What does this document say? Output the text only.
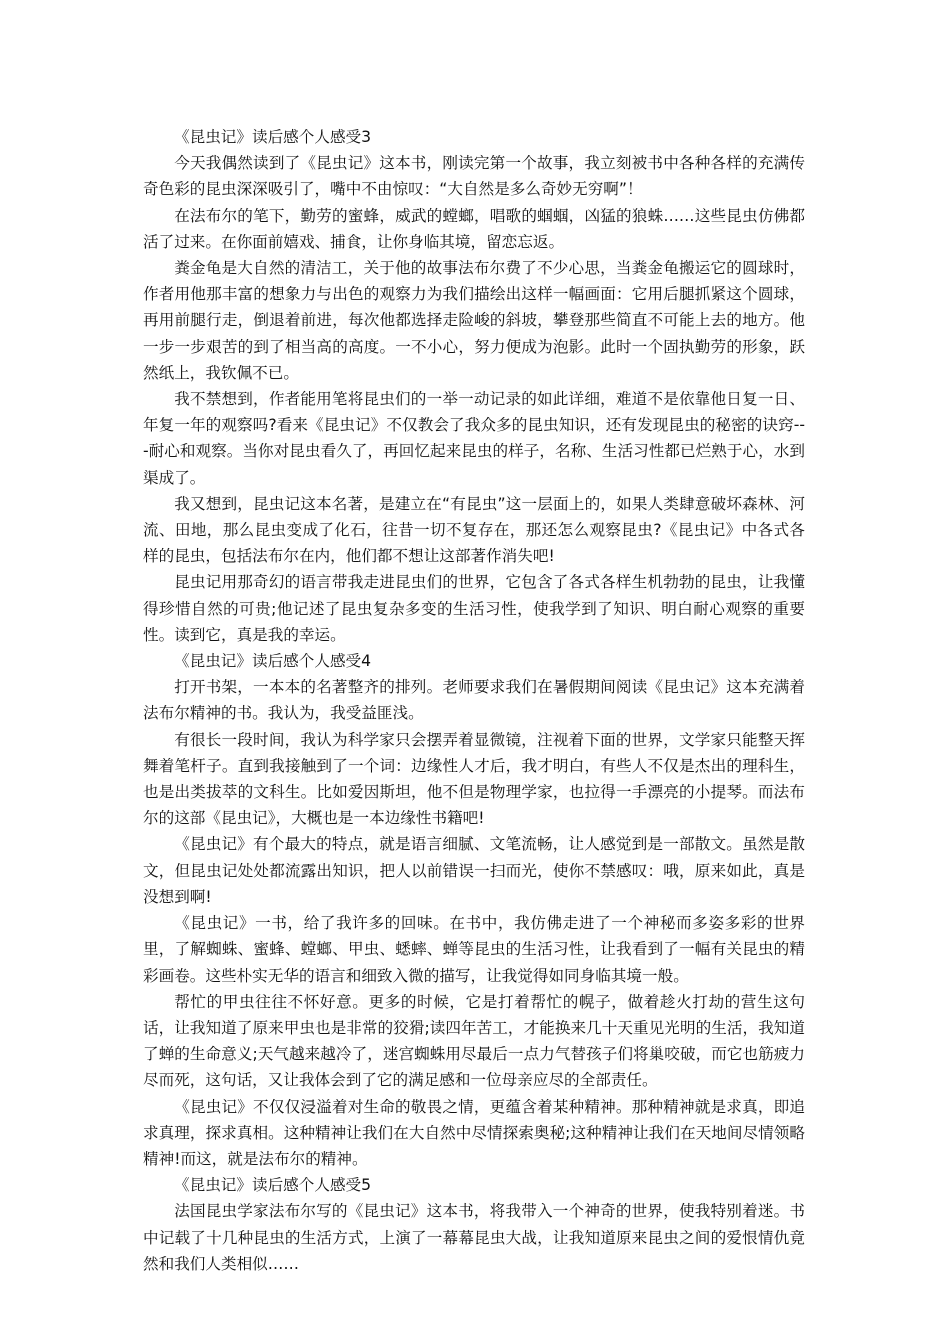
《昆虫记》读后感个人感受3

今天我偶然读到了《昆虫记》这本书，刚读完第一个故事，我立刻被书中各种各样的充满传奇色彩的昆虫深深吸引了，嘴中不由惊叹：“大自然是多么奇妙无穷啊”！

在法布尔的笔下，勤劳的蜜蜂，威武的螳螂，唱歌的蝈蝈，凶猛的狼蛛……这些昆虫仿佛都活了过来。在你面前嬉戏、捕食，让你身临其境，留恋忘返。

粪金龟是大自然的清洁工，关于他的故事法布尔费了不少心思，当粪金龟搬运它的圆球时，作者用他那丰富的想象力与出色的观察力为我们描绘出这样一幅画面：它用后腿抓紧这个圆球，再用前腿行走，倒退着前进，每次他都选择走险峻的斜坡，攀登那些简直不可能上去的地方。他一步一步艰苦的到了相当高的高度。一不小心，努力便成为泡影。此时一个固执勤劳的形象，跃然纸上，我钦佩不已。

我不禁想到，作者能用笔将昆虫们的一举一动记录的如此详细，难道不是依靠他日复一日、年复一年的观察吗?看来《昆虫记》不仅教会了我众多的昆虫知识，还有发现昆虫的秘密的诀窍---耐心和观察。当你对昆虫看久了，再回忆起来昆虫的样子，名称、生活习性都已烂熟于心，水到渠成了。

我又想到，昆虫记这本名著，是建立在“有昆虫”这一层面上的，如果人类肆意破坏森林、河流、田地，那么昆虫变成了化石，往昔一切不复存在，那还怎么观察昆虫?《昆虫记》中各式各样的昆虫，包括法布尔在内，他们都不想让这部著作消失吧!

昆虫记用那奇幻的语言带我走进昆虫们的世界，它包含了各式各样生机勃勃的昆虫，让我懂得珍惜自然的可贵;他记述了昆虫复杂多变的生活习性，使我学到了知识、明白耐心观察的重要性。读到它，真是我的幸运。

《昆虫记》读后感个人感受4

打开书架，一本本的名著整齐的排列。老师要求我们在暑假期间阅读《昆虫记》这本充满着法布尔精神的书。我认为，我受益匪浅。

有很长一段时间，我认为科学家只会摆弄着显微镜，注视着下面的世界，文学家只能整天挥舞着笔杆子。直到我接触到了一个词：边缘性人才后，我才明白，有些人不仅是杰出的理科生，也是出类拔萃的文科生。比如爱因斯坦，他不但是物理学家，也拉得一手漂亮的小提琴。而法布尔的这部《昆虫记》，大概也是一本边缘性书籍吧!

《昆虫记》有个最大的特点，就是语言细腻、文笔流畅，让人感觉到是一部散文。虽然是散文，但昆虫记处处都流露出知识，把人以前错误一扫而光，使你不禁感叹：哦，原来如此，真是没想到啊!

《昆虫记》一书，给了我许多的回味。在书中，我仿佛走进了一个神秘而多姿多彩的世界里，了解蜘蛛、蜜蜂、螳螂、甲虫、蟋蟀、蝉等昆虫的生活习性，让我看到了一幅有关昆虫的精彩画卷。这些朴实无华的语言和细致入微的描写，让我觉得如同身临其境一般。

帮忙的甲虫往往不怀好意。更多的时候，它是打着帮忙的幌子，做着趁火打劫的营生这句话，让我知道了原来甲虫也是非常的狡猾;读四年苦工，才能换来几十天重见光明的生活，我知道了蝉的生命意义;天气越来越冷了，迷宫蜘蛛用尽最后一点力气替孩子们将巢咬破，而它也筋疲力尽而死，这句话，又让我体会到了它的满足感和一位母亲应尽的全部责任。

《昆虫记》不仅仅浸溢着对生命的敬畏之情，更蕴含着某种精神。那种精神就是求真，即追求真理，探求真相。这种精神让我们在大自然中尽情探索奥秘;这种精神让我们在天地间尽情领略精神!而这，就是法布尔的精神。

《昆虫记》读后感个人感受5

法国昆虫学家法布尔写的《昆虫记》这本书，将我带入一个神奇的世界，使我特别着迷。书中记载了十几种昆虫的生活方式，上演了一幕幕昆虫大战，让我知道原来昆虫之间的爱恨情仇竟然和我们人类相似……
